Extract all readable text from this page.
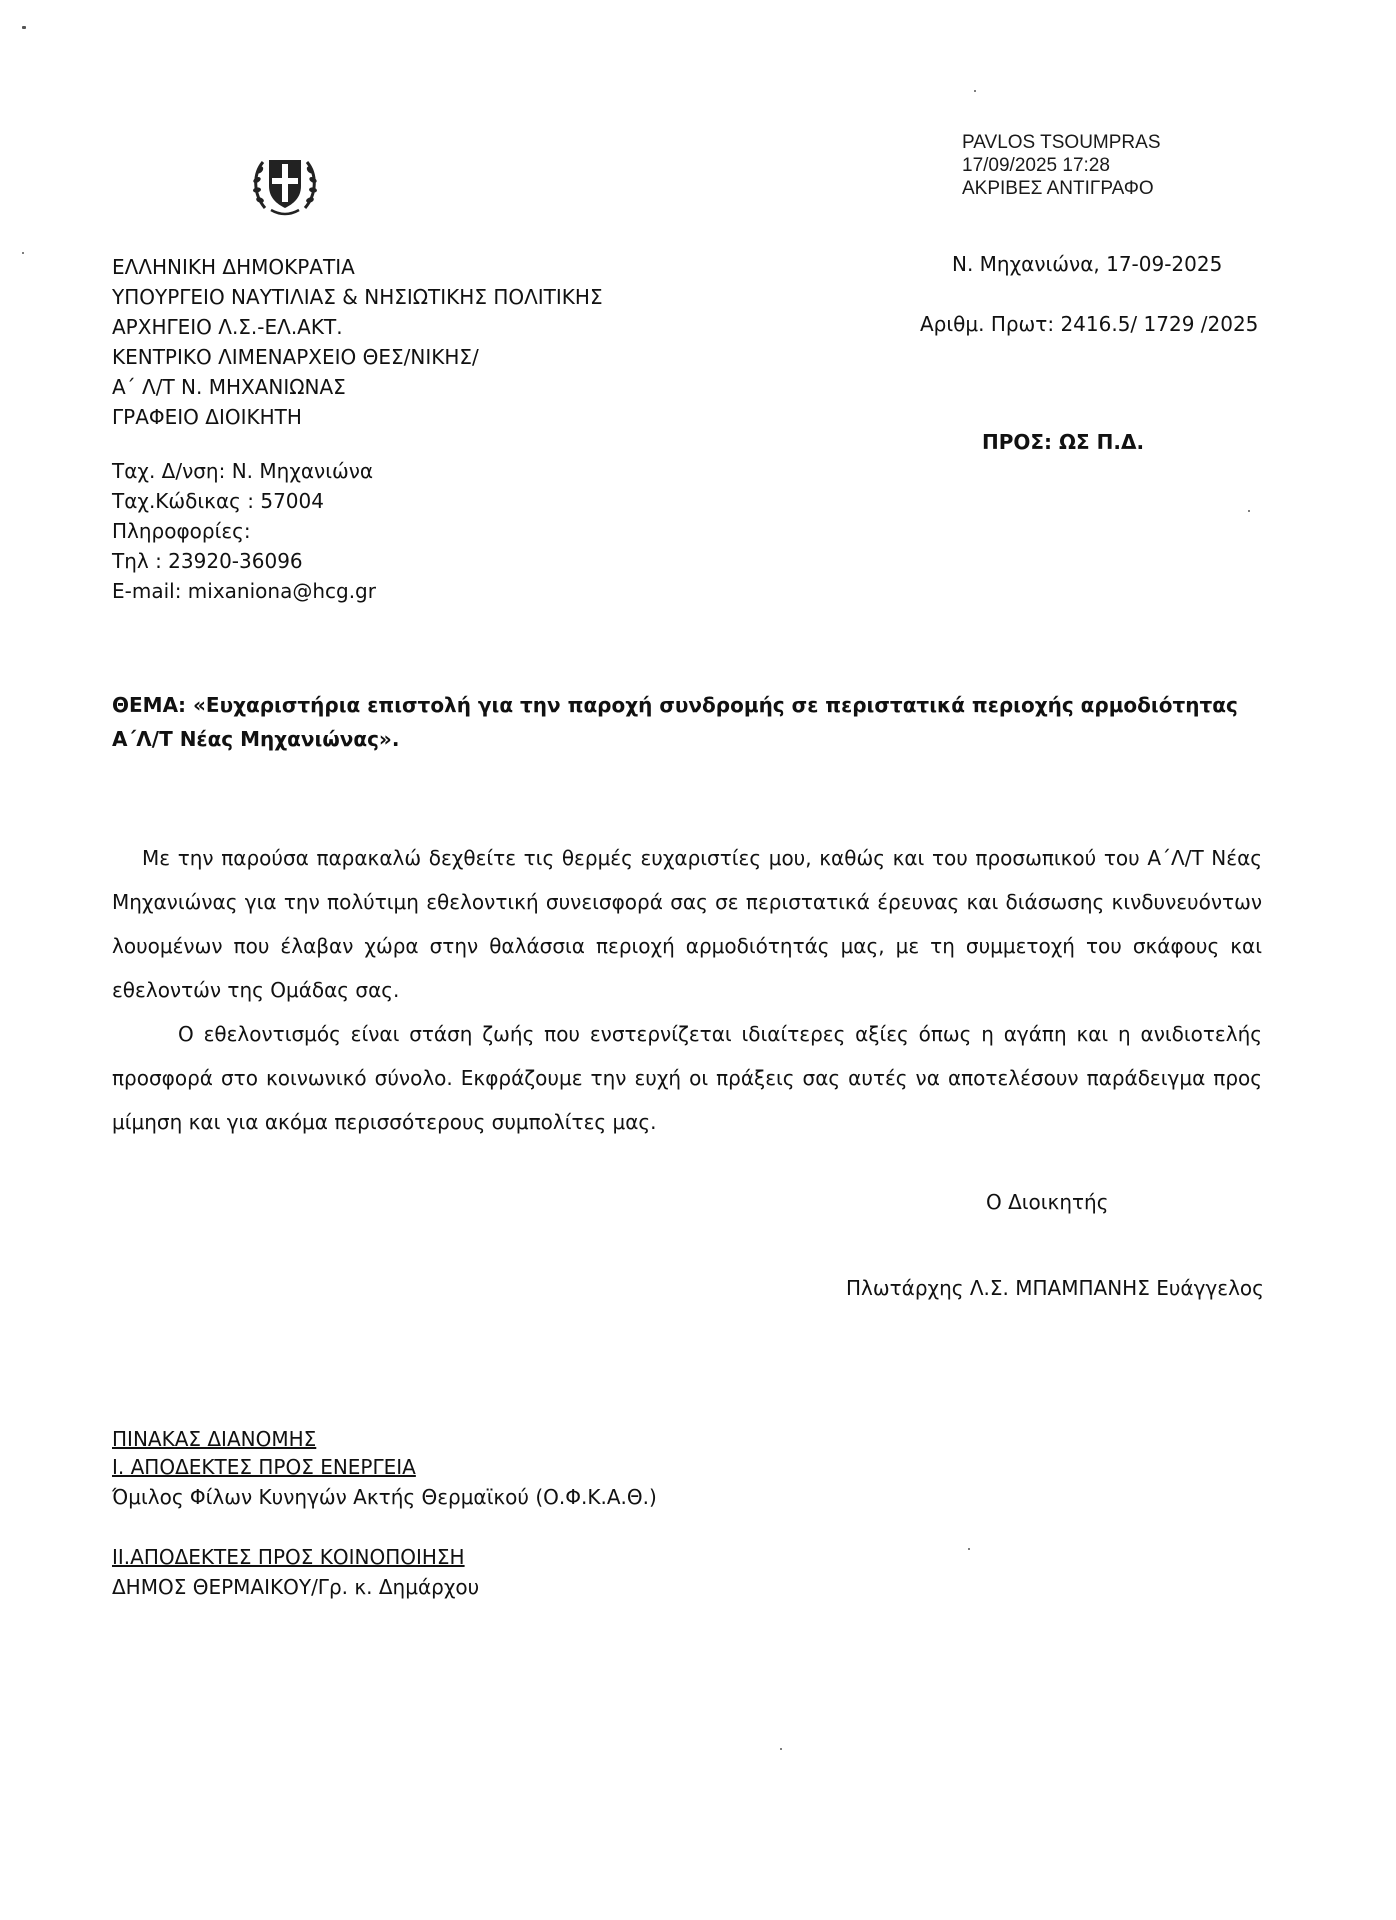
PAVLOS TSOUMPRAS
17/09/2025 17:28
ΑΚΡΙΒΕΣ ΑΝΤΙΓΡΑΦΟ
ΕΛΛΗΝΙΚΗ ΔΗΜΟΚΡΑΤΙΑ
ΥΠΟΥΡΓΕΙΟ ΝΑΥΤΙΛΙΑΣ & ΝΗΣΙΩΤΙΚΗΣ ΠΟΛΙΤΙΚΗΣ
ΑΡΧΗΓΕΙΟ Λ.Σ.-ΕΛ.ΑΚΤ.
ΚΕΝΤΡΙΚΟ ΛΙΜΕΝΑΡΧΕΙΟ ΘΕΣ/ΝΙΚΗΣ/
Α΄ Λ/Τ Ν. ΜΗΧΑΝΙΩΝΑΣ
ΓΡΑΦΕΙΟ ΔΙΟΙΚΗΤΗ
Ταχ. Δ/νση: Ν. Μηχανιώνα
Ταχ.Κώδικας : 57004
Πληροφορίες:
Τηλ : 23920-36096
E-mail: mixaniona@hcg.gr
Ν. Μηχανιώνα, 17-09-2025
Αριθμ. Πρωτ: 2416.5/ 1729 /2025
ΠΡΟΣ: ΩΣ Π.Δ.
ΘΕΜΑ: «Ευχαριστήρια επιστολή για την παροχή συνδρομής σε περιστατικά περιοχής αρμοδιότητας Α΄Λ/Τ Νέας Μηχανιώνας».

Με την παρούσα παρακαλώ δεχθείτε τις θερμές ευχαριστίες μου, καθώς και του προσωπικού του Α΄Λ/Τ Νέας Μηχανιώνας για την πολύτιμη εθελοντική συνεισφορά σας σε περιστατικά έρευνας και διάσωσης κινδυνευόντων λουομένων που έλαβαν χώρα στην θαλάσσια περιοχή αρμοδιότητάς μας, με τη συμμετοχή του σκάφους και εθελοντών της Ομάδας σας.

Ο εθελοντισμός είναι στάση ζωής που ενστερνίζεται ιδιαίτερες αξίες όπως η αγάπη και η ανιδιοτελής προσφορά στο κοινωνικό σύνολο. Εκφράζουμε την ευχή οι πράξεις σας αυτές να αποτελέσουν παράδειγμα προς μίμηση και για ακόμα περισσότερους συμπολίτες μας.

Ο Διοικητής
Πλωτάρχης Λ.Σ. ΜΠΑΜΠΑΝΗΣ Ευάγγελος
ΠΙΝΑΚΑΣ ΔΙΑΝΟΜΗΣ
Ι. ΑΠΟΔΕΚΤΕΣ ΠΡΟΣ ΕΝΕΡΓΕΙΑ
Όμιλος Φίλων Κυνηγών Ακτής Θερμαϊκού (Ο.Φ.Κ.Α.Θ.)
ΙΙ.ΑΠΟΔΕΚΤΕΣ ΠΡΟΣ ΚΟΙΝΟΠΟΙΗΣΗ
ΔΗΜΟΣ ΘΕΡΜΑΙΚΟΥ/Γρ. κ. Δημάρχου
